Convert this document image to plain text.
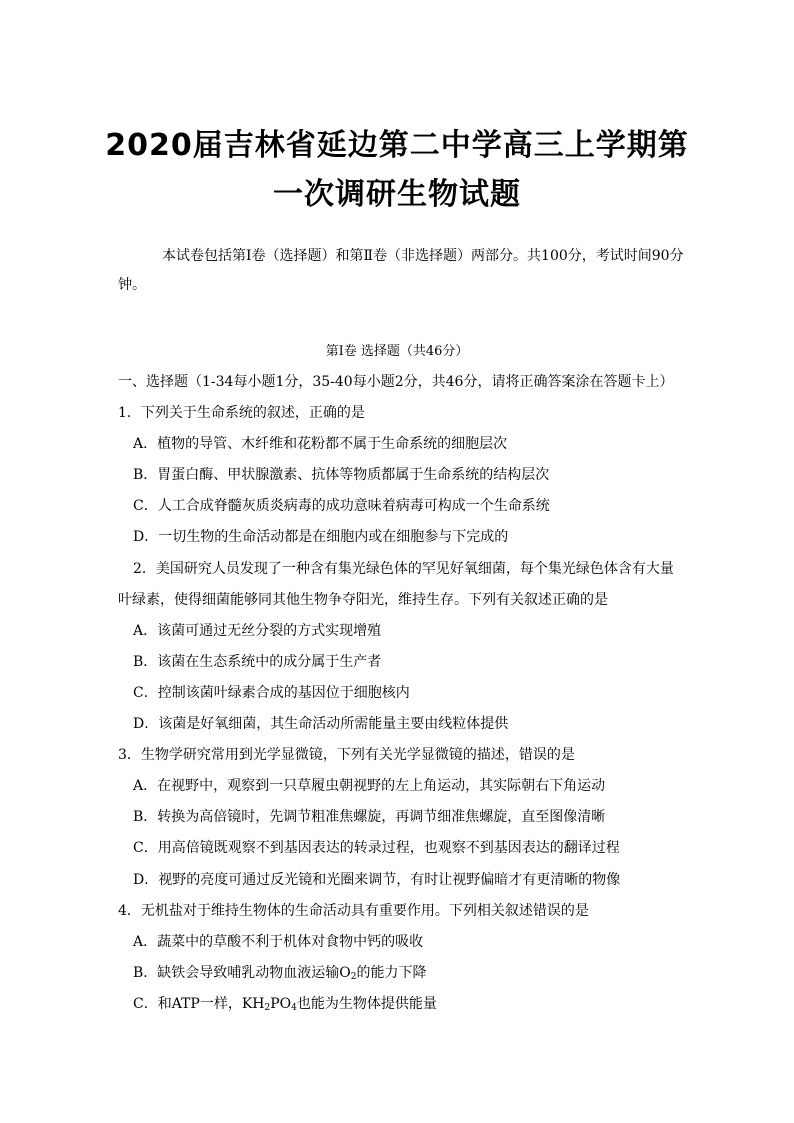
2020届吉林省延边第二中学高三上学期第
一次调研生物试题
本试卷包括第Ⅰ卷（选择题）和第Ⅱ卷（非选择题）两部分。共100分，考试时间90分钟。
第Ⅰ卷 选择题（共46分）
一、选择题（1-34每小题1分，35-40每小题2分，共46分，请将正确答案涂在答题卡上）
1．下列关于生命系统的叙述，正确的是
A．植物的导管、木纤维和花粉都不属于生命系统的细胞层次
B．胃蛋白酶、甲状腺激素、抗体等物质都属于生命系统的结构层次
C．人工合成脊髓灰质炎病毒的成功意味着病毒可构成一个生命系统
D．一切生物的生命活动都是在细胞内或在细胞参与下完成的
2．美国研究人员发现了一种含有集光绿色体的罕见好氧细菌，每个集光绿色体含有大量
叶绿素，使得细菌能够同其他生物争夺阳光，维持生存。下列有关叙述正确的是
A．该菌可通过无丝分裂的方式实现增殖
B．该菌在生态系统中的成分属于生产者
C．控制该菌叶绿素合成的基因位于细胞核内
D．该菌是好氧细菌，其生命活动所需能量主要由线粒体提供
3．生物学研究常用到光学显微镜，下列有关光学显微镜的描述，错误的是
A．在视野中，观察到一只草履虫朝视野的左上角运动，其实际朝右下角运动
B．转换为高倍镜时，先调节粗准焦螺旋，再调节细准焦螺旋，直至图像清晰
C．用高倍镜既观察不到基因表达的转录过程，也观察不到基因表达的翻译过程
D．视野的亮度可通过反光镜和光圈来调节，有时让视野偏暗才有更清晰的物像
4．无机盐对于维持生物体的生命活动具有重要作用。下列相关叙述错误的是
A．蔬菜中的草酸不利于机体对食物中钙的吸收
B．缺铁会导致哺乳动物血液运输$O_2$的能力下降
C．和ATP一样，$KH_2PO_4$也能为生物体提供能量
